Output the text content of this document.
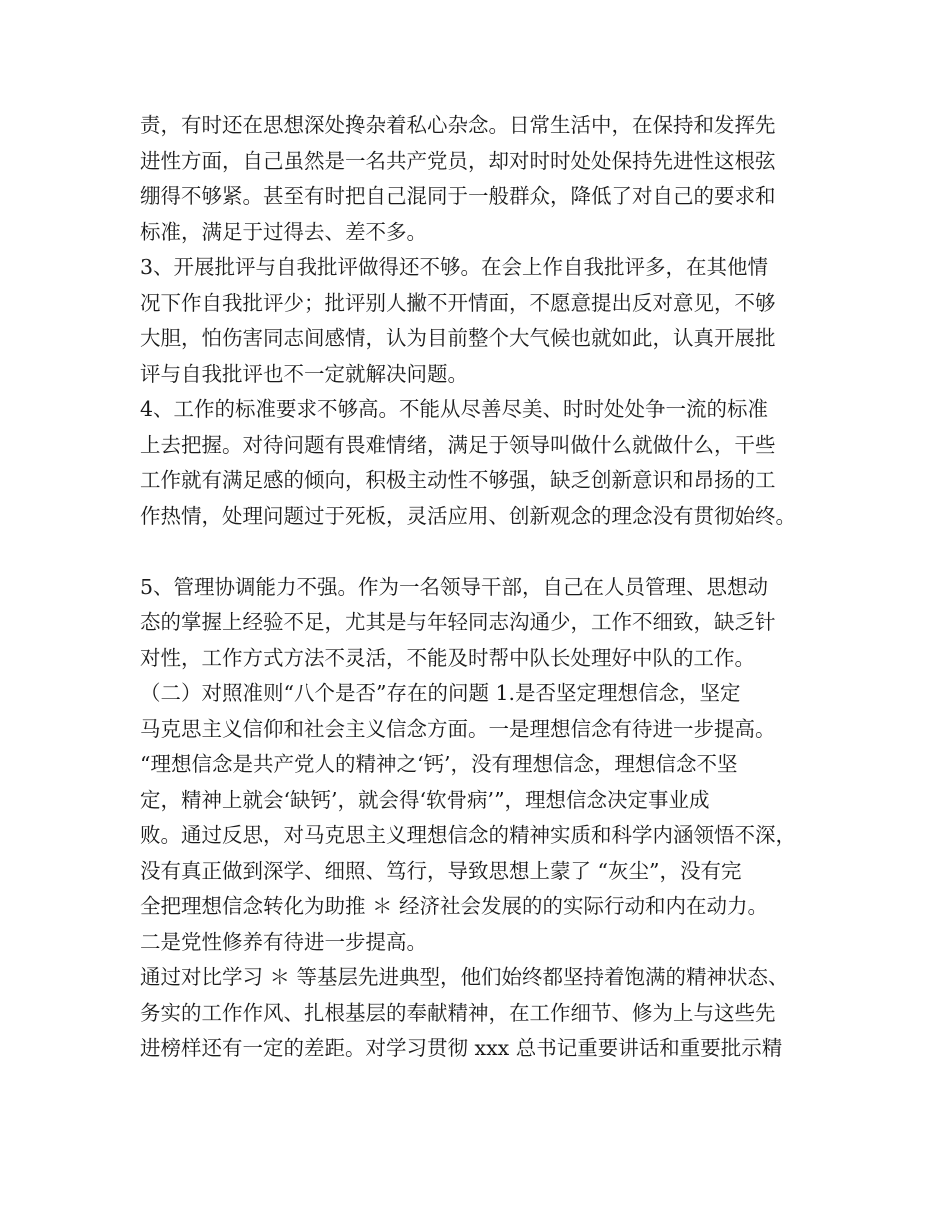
责，有时还在思想深处搀杂着私心杂念。日常生活中，在保持和发挥先
进性方面，自己虽然是一名共产党员，却对时时处处保持先进性这根弦
绷得不够紧。甚至有时把自己混同于一般群众，降低了对自己的要求和
标准，满足于过得去、差不多。
3、开展批评与自我批评做得还不够。在会上作自我批评多，在其他情
况下作自我批评少；批评别人撇不开情面，不愿意提出反对意见，不够
大胆，怕伤害同志间感情，认为目前整个大气候也就如此，认真开展批
评与自我批评也不一定就解决问题。
4、工作的标准要求不够高。不能从尽善尽美、时时处处争一流的标准
上去把握。对待问题有畏难情绪，满足于领导叫做什么就做什么，干些
工作就有满足感的倾向，积极主动性不够强，缺乏创新意识和昂扬的工
作热情，处理问题过于死板，灵活应用、创新观念的理念没有贯彻始终。
5、管理协调能力不强。作为一名领导干部，自己在人员管理、思想动
态的掌握上经验不足，尤其是与年轻同志沟通少，工作不细致，缺乏针
对性，工作方式方法不灵活，不能及时帮中队长处理好中队的工作。
（二）对照准则“八个是否”存在的问题 1.是否坚定理想信念，坚定
马克思主义信仰和社会主义信念方面。一是理想信念有待进一步提高。
“理想信念是共产党人的精神之‘钙’，没有理想信念，理想信念不坚
定，精神上就会‘缺钙’，就会得‘软骨病’”，理想信念决定事业成
败。通过反思，对马克思主义理想信念的精神实质和科学内涵领悟不深，
没有真正做到深学、细照、笃行，导致思想上蒙了 “灰尘”，没有完
全把理想信念转化为助推 ＊ 经济社会发展的的实际行动和内在动力。
二是党性修养有待进一步提高。
通过对比学习 ＊ 等基层先进典型，他们始终都坚持着饱满的精神状态、
务实的工作作风、扎根基层的奉献精神，在工作细节、修为上与这些先
进榜样还有一定的差距。对学习贯彻 xxx 总书记重要讲话和重要批示精
